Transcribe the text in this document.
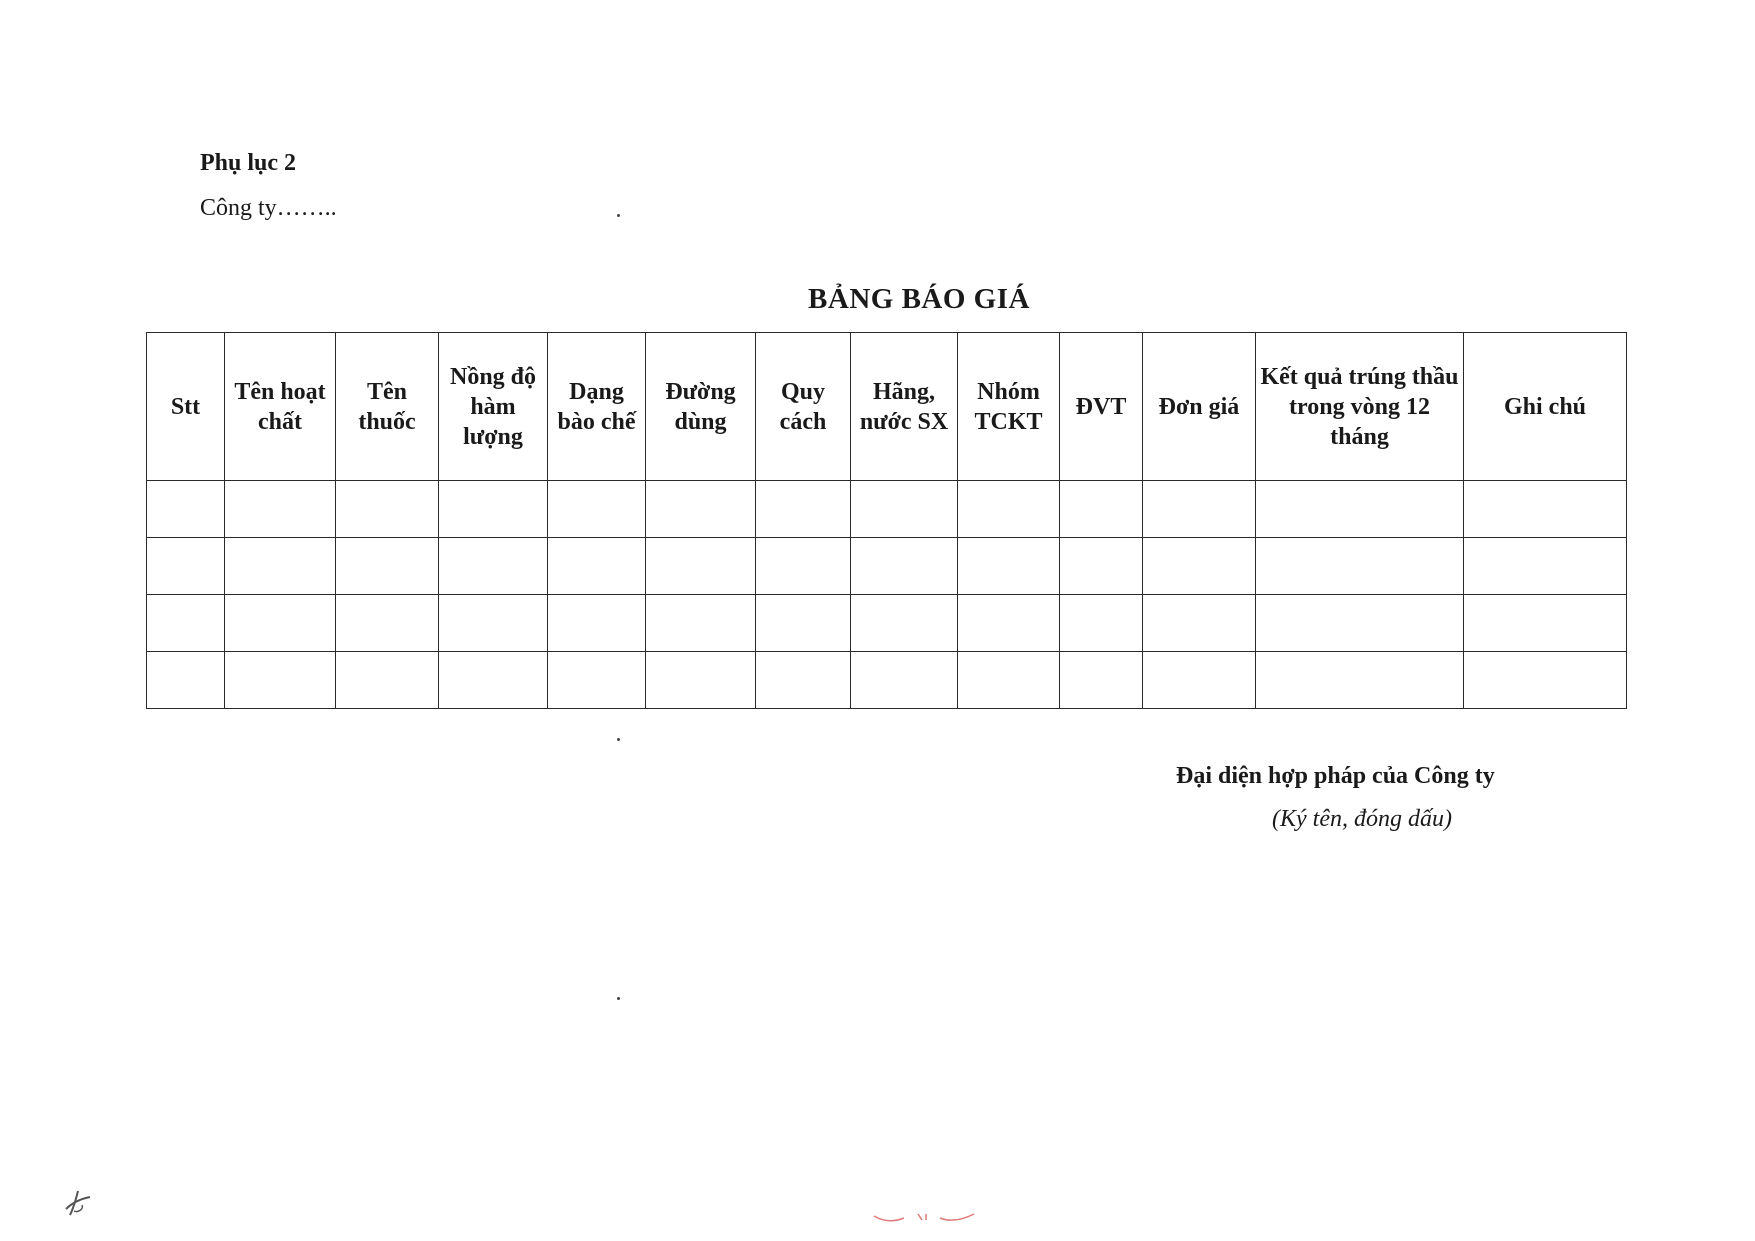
Phụ lục 2
Công ty……..
BẢNG BÁO GIÁ
Stt	Tên hoạt chất	Tên thuốc	Nồng độ hàm lượng	Dạng bào chế	Đường dùng	Quy cách	Hãng, nước SX	Nhóm TCKT	ĐVT	Đơn giá	Kết quả trúng thầu trong vòng 12 tháng	Ghi chú

Đại diện hợp pháp của Công ty
(Ký tên, đóng dấu)
